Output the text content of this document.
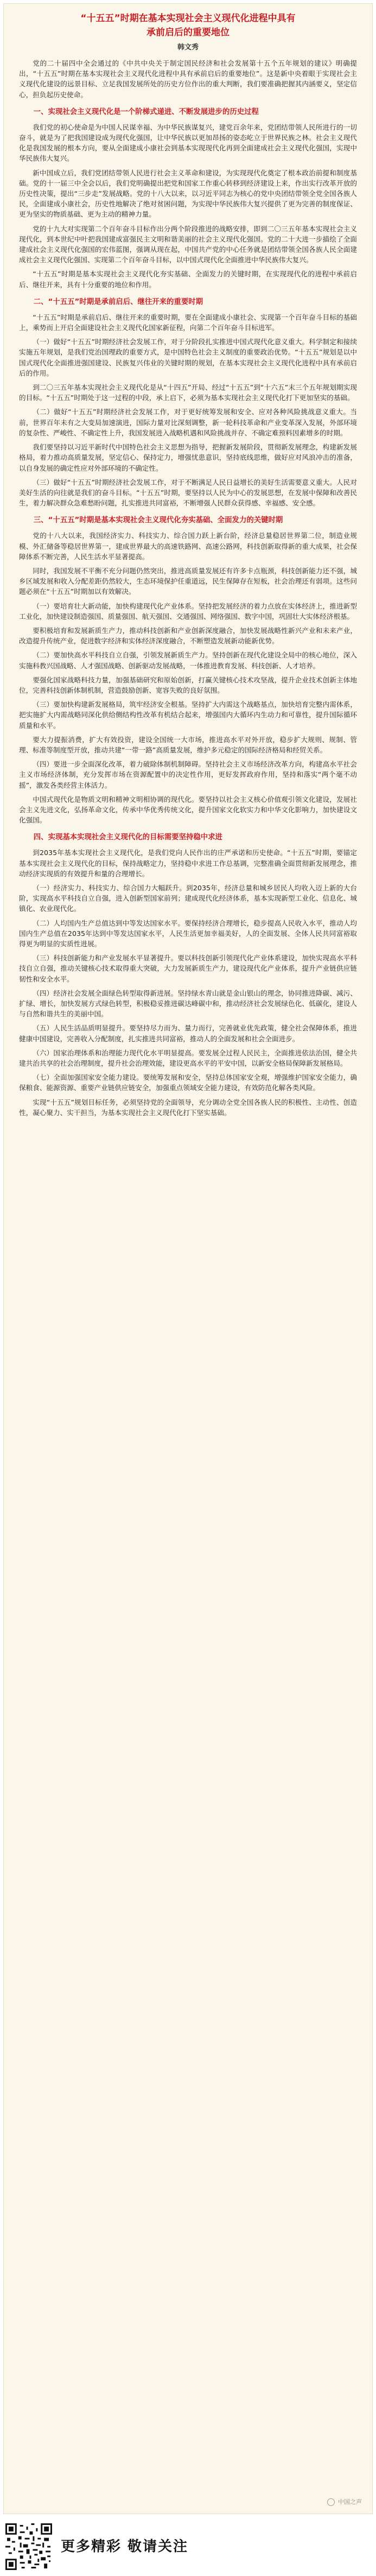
“十五五”时期在基本实现社会主义现代化进程中具有
承前启后的重要地位
韩文秀

党的二十届四中全会通过的《中共中央关于制定国民经济和社会发展第十五个五年规划的建议》明确提出，“十五五”时期在基本实现社会主义现代化进程中具有承前启后的重要地位”。这是新中央着眼于实现社会主义现代化建设的远景目标、立足我国发展所处的历史方位作出的重大判断，我们要准确把握其内涵要义，坚定信心，担负起历史使命。

一、实现社会主义现代化是一个阶梯式递进、不断发展进步的历史过程

我们党的初心使命是为中国人民谋幸福、为中华民族谋复兴，建党百余年来，党团结带领人民所进行的一切奋斗，就是为了把我国建设成为现代化强国，让中华民族以更加昂扬的姿态屹立于世界民族之林。社会主义现代化是我国发展的根本方向，要从全面建成小康社会到基本实现现代化再到全面建成社会主义现代化强国，实现中华民族伟大复兴。

新中国成立后，我们党团结带领人民进行社会主义革命和建设，为实现现代化奠定了根本政治前提和制度基础。党的十一届三中全会以后，我们党明确提出把党和国家工作重心转移到经济建设上来，作出实行改革开放的历史性决策，提出“三步走”发展战略。党的十八大以来，以习近平同志为核心的党中央团结带领全党全国各族人民，全面建成小康社会，历史性地解决了绝对贫困问题，为实现中华民族伟大复兴提供了更为完善的制度保证、更为坚实的物质基础、更为主动的精神力量。

党的十九大对实现第二个百年奋斗目标作出分两个阶段推进的战略安排，即到二〇三五年基本实现社会主义现代化，到本世纪中叶把我国建成富强民主文明和谐美丽的社会主义现代化强国。党的二十大进一步描绘了全面建成社会主义现代化强国的宏伟蓝图，强调从现在起，中国共产党的中心任务就是团结带领全国各族人民全面建成社会主义现代化强国、实现第二个百年奋斗目标，以中国式现代化全面推进中华民族伟大复兴。

“十五五”时期是基本实现社会主义现代化夯实基础、全面发力的关键时期，在实现现代化的进程中承前启后、继往开来，具有十分重要的地位和作用。

二、“十五五”时期是承前启后、继往开来的重要时期

“十五五”时期是承前启后、继往开来的重要时期，要在全面建成小康社会、实现第一个百年奋斗目标的基础上，乘势而上开启全面建设社会主义现代化国家新征程，向第二个百年奋斗目标进军。

（一）做好“十五五”时期经济社会发展工作，对于分阶段扎实推进中国式现代化意义重大。科学制定和接续实施五年规划，是我们党治国理政的重要方式，是中国特色社会主义制度的重要政治优势。“十五五”规划是以中国式现代化全面推进强国建设、民族复兴伟业的关键时期的规划，在基本实现社会主义现代化进程中具有承前启后的作用。

到二〇三五年基本实现社会主义现代化是从“十四五”开局、经过“十五五”到“十六五”末三个五年规划期实现的目标。“十五五”时期处于这一过程的中段，承上启下，必须为基本实现社会主义现代化打下更加坚实的基础。

（二）做好“十五五”时期经济社会发展工作，对于更好统筹发展和安全、应对各种风险挑战意义重大。当前，世界百年未有之大变局加速演进，国际力量对比深刻调整，新一轮科技革命和产业变革深入发展，外部环境的复杂性、严峻性、不确定性上升，我国发展进入战略机遇和风险挑战并存、不确定难预料因素增多的时期。

我们要坚持以习近平新时代中国特色社会主义思想为指导，把握新发展阶段，贯彻新发展理念，构建新发展格局，着力推动高质量发展，坚定信心、保持定力，增强忧患意识，坚持底线思维，做好应对风浪冲击的准备，以自身发展的确定性应对外部环境的不确定性。

（三）做好“十五五”时期经济社会发展工作，对于不断满足人民日益增长的美好生活需要意义重大。人民对美好生活的向往就是我们的奋斗目标。“十五五”时期，要坚持以人民为中心的发展思想，在发展中保障和改善民生，着力解决群众急难愁盼问题，扎实推进共同富裕，不断增强人民群众获得感、幸福感、安全感。

三、“十五五”时期是基本实现社会主义现代化夯实基础、全面发力的关键时期

党的十八大以来，我国经济实力、科技实力、综合国力跃上新台阶，经济总量稳居世界第二位，制造业规模、外汇储备等稳居世界第一，建成世界最大的高速铁路网、高速公路网，科技创新取得新的重大成果，社会保障体系不断完善，人民生活水平显著提高。

同时，我国发展不平衡不充分问题仍然突出，推进高质量发展还有许多卡点瓶颈，科技创新能力还不强，城乡区域发展和收入分配差距仍然较大，生态环境保护任重道远，民生保障存在短板，社会治理还有弱项。这些问题必须在“十五五”时期加以有效解决。

（一）要培育壮大新动能，加快构建现代化产业体系。坚持把发展经济的着力点放在实体经济上，推进新型工业化，加快建设制造强国、质量强国、航天强国、交通强国、网络强国、数字中国，巩固壮大实体经济根基。

要积极培育和发展新质生产力，推动科技创新和产业创新深度融合，加快发展战略性新兴产业和未来产业，改造提升传统产业，促进数字经济和实体经济深度融合，不断塑造发展新动能新优势。

（二）要加快高水平科技自立自强，引领发展新质生产力。坚持创新在现代化建设全局中的核心地位，深入实施科教兴国战略、人才强国战略、创新驱动发展战略，一体推进教育发展、科技创新、人才培养。

要强化国家战略科技力量，加强基础研究和原始创新，打赢关键核心技术攻坚战，提升企业技术创新主体地位，完善科技创新体制机制，营造鼓励创新、宽容失败的良好氛围。

（三）要加快构建新发展格局，筑牢经济安全根基。坚持扩大内需这个战略基点，加快培育完整内需体系，把实施扩大内需战略同深化供给侧结构性改革有机结合起来，增强国内大循环内生动力和可靠性，提升国际循环质量和水平。

要大力提振消费，扩大有效投资，建设全国统一大市场，推进高水平对外开放，稳步扩大规则、规制、管理、标准等制度型开放，推动共建“一带一路”高质量发展，维护多元稳定的国际经济格局和经贸关系。

（四）要进一步全面深化改革，着力破除体制机制障碍。坚持社会主义市场经济改革方向，构建高水平社会主义市场经济体制，充分发挥市场在资源配置中的决定性作用，更好发挥政府作用，坚持和落实“两个毫不动摇”，激发各类经营主体活力。

中国式现代化是物质文明和精神文明相协调的现代化。要坚持以社会主义核心价值观引领文化建设，发展社会主义先进文化，弘扬革命文化，传承中华优秀传统文化，提升国家文化软实力和中华文化影响力，加快建设文化强国。

四、实现基本实现社会主义现代化的目标需要坚持稳中求进

到2035年基本实现社会主义现代化，是我们党向人民作出的庄严承诺和历史使命。“十五五”时期，要锚定基本实现社会主义现代化的目标，保持战略定力，坚持稳中求进工作总基调，完整准确全面贯彻新发展理念，推动经济实现质的有效提升和量的合理增长。

（一）经济实力、科技实力、综合国力大幅跃升。到2035年，经济总量和城乡居民人均收入迈上新的大台阶，实现高水平科技自立自强，进入创新型国家前列；建成现代化经济体系，基本实现新型工业化、信息化、城镇化、农业现代化。

（二）人均国内生产总值达到中等发达国家水平。要保持经济合理增长，稳步提高人民收入水平，推动人均国内生产总值在2035年达到中等发达国家水平，人民生活更加幸福美好，人的全面发展、全体人民共同富裕取得更为明显的实质性进展。

（三）科技创新能力和产业发展水平显著提升。要以科技创新引领现代化产业体系建设，加快实现高水平科技自立自强，推动关键核心技术取得重大突破，大力发展新质生产力，建设现代化产业体系，提升产业链供应链韧性和安全水平。

（四）经济社会发展全面绿色转型取得新进展。坚持绿水青山就是金山银山的理念，协同推进降碳、减污、扩绿、增长，加快发展方式绿色转型，积极稳妥推进碳达峰碳中和，推动经济社会发展绿色化、低碳化，建设人与自然和谐共生的美丽中国。

（五）人民生活品质明显提升。要坚持尽力而为、量力而行，完善就业优先政策，健全社会保障体系，推进健康中国建设，完善收入分配制度，扎实推进共同富裕，推动人的全面发展和社会全面进步。

（六）国家治理体系和治理能力现代化水平明显提高。要发展全过程人民民主，全面推进依法治国，健全共建共治共享的社会治理制度，提升社会治理效能，建设更高水平的平安中国，以新安全格局保障新发展格局。

（七）全面加强国家安全能力建设。要统筹发展和安全，坚持总体国家安全观，增强维护国家安全能力，确保粮食、能源资源、重要产业链供应链安全，加强重点领域安全能力建设，有效防范化解各类风险。

实现“十五五”规划目标任务，必须坚持党的全面领导，充分调动全党全国各族人民的积极性、主动性、创造性，凝心聚力、实干担当，为基本实现社会主义现代化打下坚实基础。

中国之声
更多精彩 敬请关注
